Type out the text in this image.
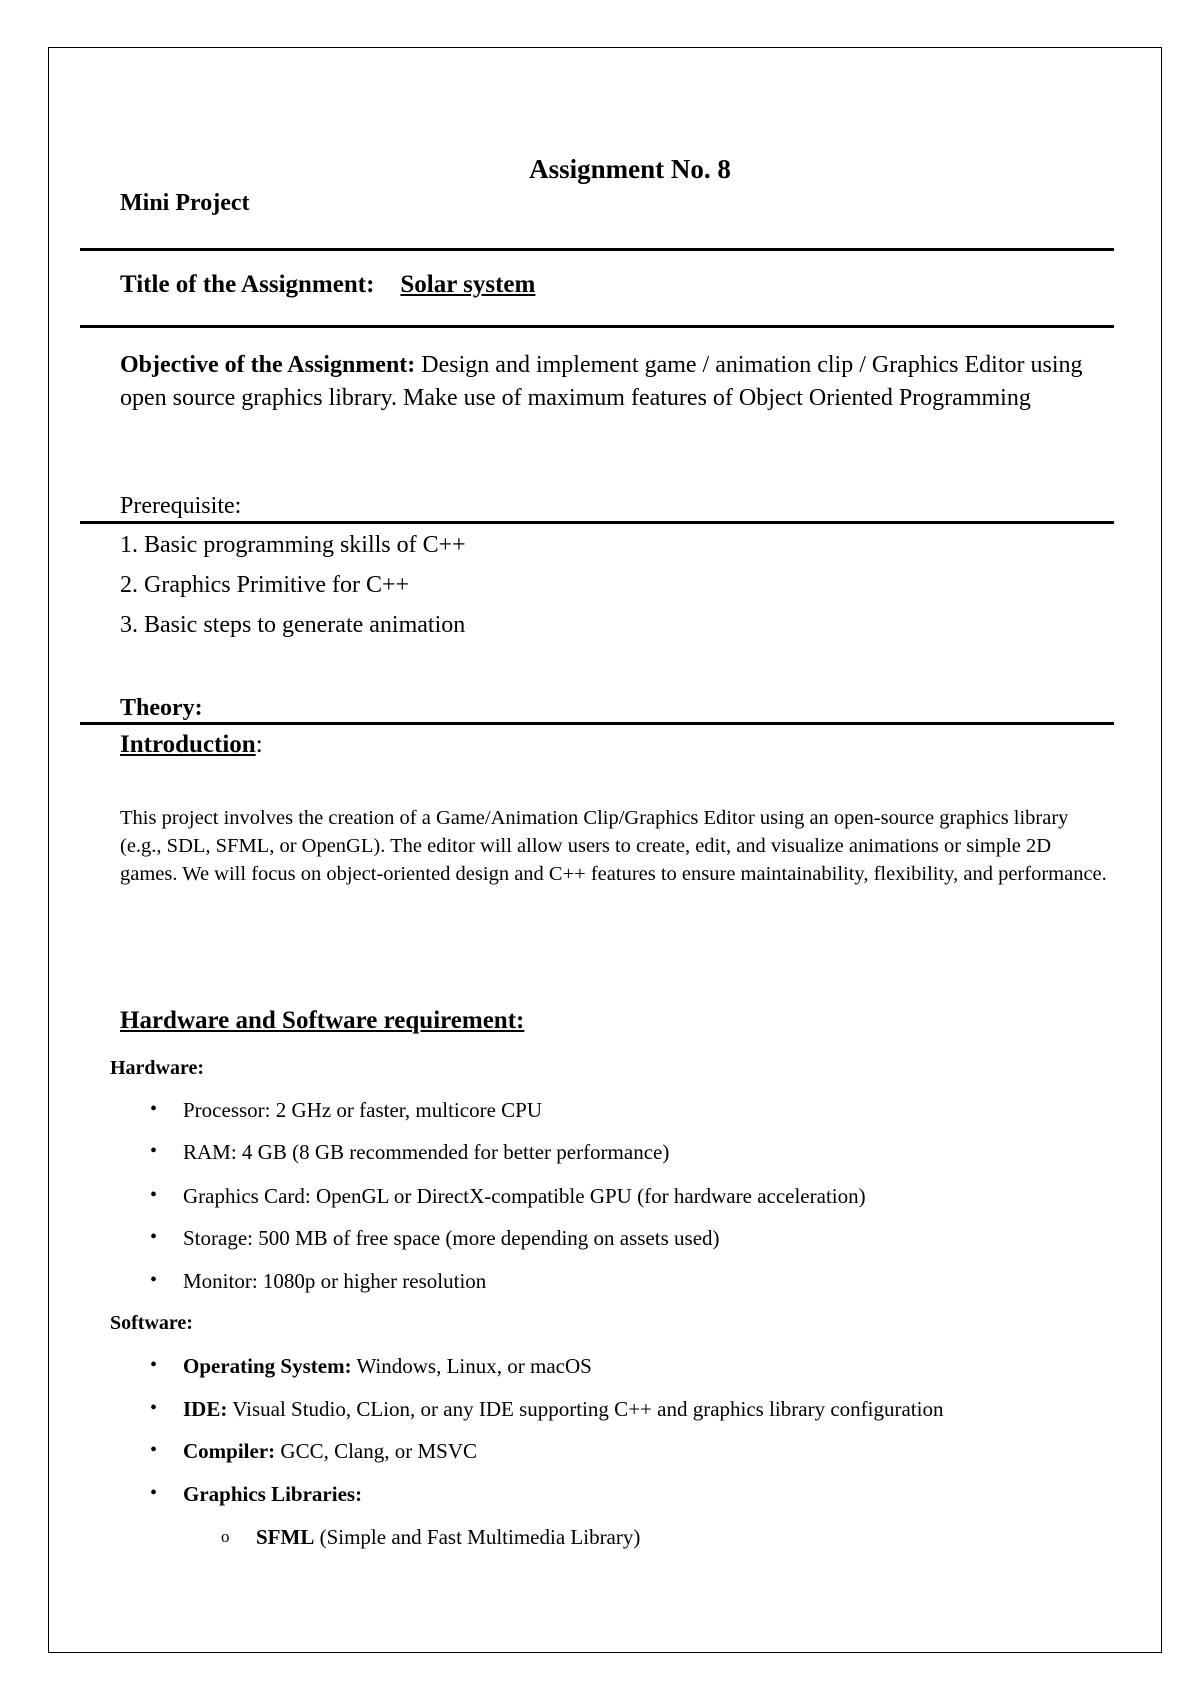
Assignment No. 8
Mini Project
Title of the Assignment: Solar system
Objective of the Assignment: Design and implement game / animation clip / Graphics Editor using open source graphics library. Make use of maximum features of Object Oriented Programming
Prerequisite:
1. Basic programming skills of C++
2. Graphics Primitive for C++
3. Basic steps to generate animation
Theory:
Introduction:
This project involves the creation of a Game/Animation Clip/Graphics Editor using an open-source graphics library (e.g., SDL, SFML, or OpenGL). The editor will allow users to create, edit, and visualize animations or simple 2D games. We will focus on object-oriented design and C++ features to ensure maintainability, flexibility, and performance.
Hardware and Software requirement:
Hardware:
• Processor: 2 GHz or faster, multicore CPU
• RAM: 4 GB (8 GB recommended for better performance)
• Graphics Card: OpenGL or DirectX-compatible GPU (for hardware acceleration)
• Storage: 500 MB of free space (more depending on assets used)
• Monitor: 1080p or higher resolution
Software:
• Operating System: Windows, Linux, or macOS
• IDE: Visual Studio, CLion, or any IDE supporting C++ and graphics library configuration
• Compiler: GCC, Clang, or MSVC
• Graphics Libraries:
o SFML (Simple and Fast Multimedia Library)
